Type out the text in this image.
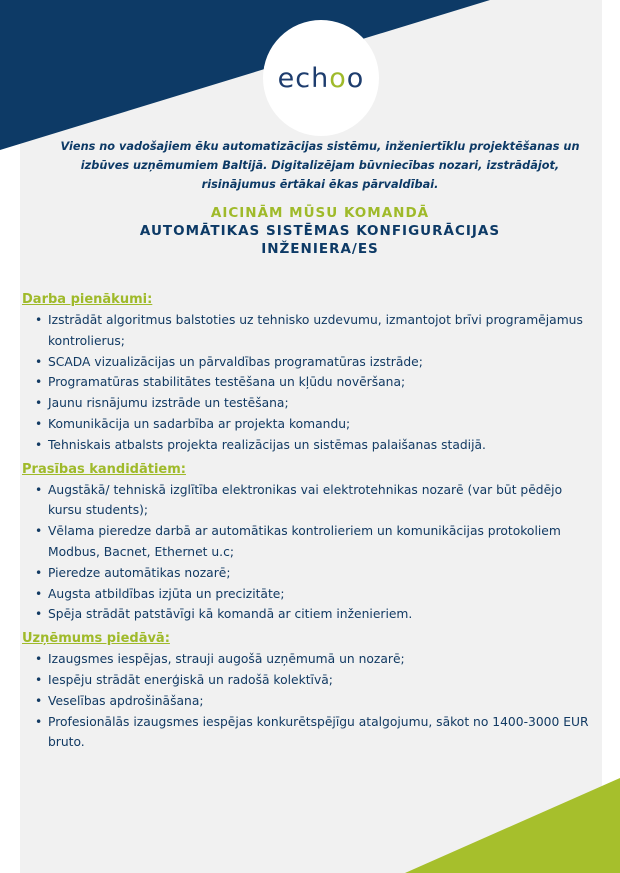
echoo
Viens no vadošajiem ēku automatizācijas sistēmu, inženiertīklu projektēšanas un izbūves uzņēmumiem Baltijā. Digitalizējam būvniecības nozari, izstrādājot, risinājumus ērtākai ēkas pārvaldībai.
AICINĀM MŪSU KOMANDĀ
AUTOMĀTIKAS SISTĒMAS KONFIGURĀCIJAS
INŽENIERA/ES

Darba pienākumi:

• Izstrādāt algoritmus balstoties uz tehnisko uzdevumu, izmantojot brīvi programējamus kontrolierus;
• SCADA vizualizācijas un pārvaldības programatūras izstrāde;
• Programatūras stabilitātes testēšana un kļūdu novēršana;
• Jaunu risnājumu izstrāde un testēšana;
• Komunikācija un sadarbība ar projekta komandu;
• Tehniskais atbalsts projekta realizācijas un sistēmas palaišanas stadijā.

Prasības kandidātiem:

• Augstākā/ tehniskā izglītība elektronikas vai elektrotehnikas nozarē (var būt pēdējo kursu students);
• Vēlama pieredze darbā ar automātikas kontrolieriem un komunikācijas protokoliem Modbus, Bacnet, Ethernet u.c;
• Pieredze automātikas nozarē;
• Augsta atbildības izjūta un precizitāte;
• Spēja strādāt patstāvīgi kā komandā ar citiem inženieriem.

Uzņēmums piedāvā:

• Izaugsmes iespējas, strauji augošā uzņēmumā un nozarē;
• Iespēju strādāt enerģiskā un radošā kolektīvā;
• Veselības apdrošināšana;
• Profesionālās izaugsmes iespējas konkurētspējīgu atalgojumu, sākot no 1400-3000 EUR bruto.
